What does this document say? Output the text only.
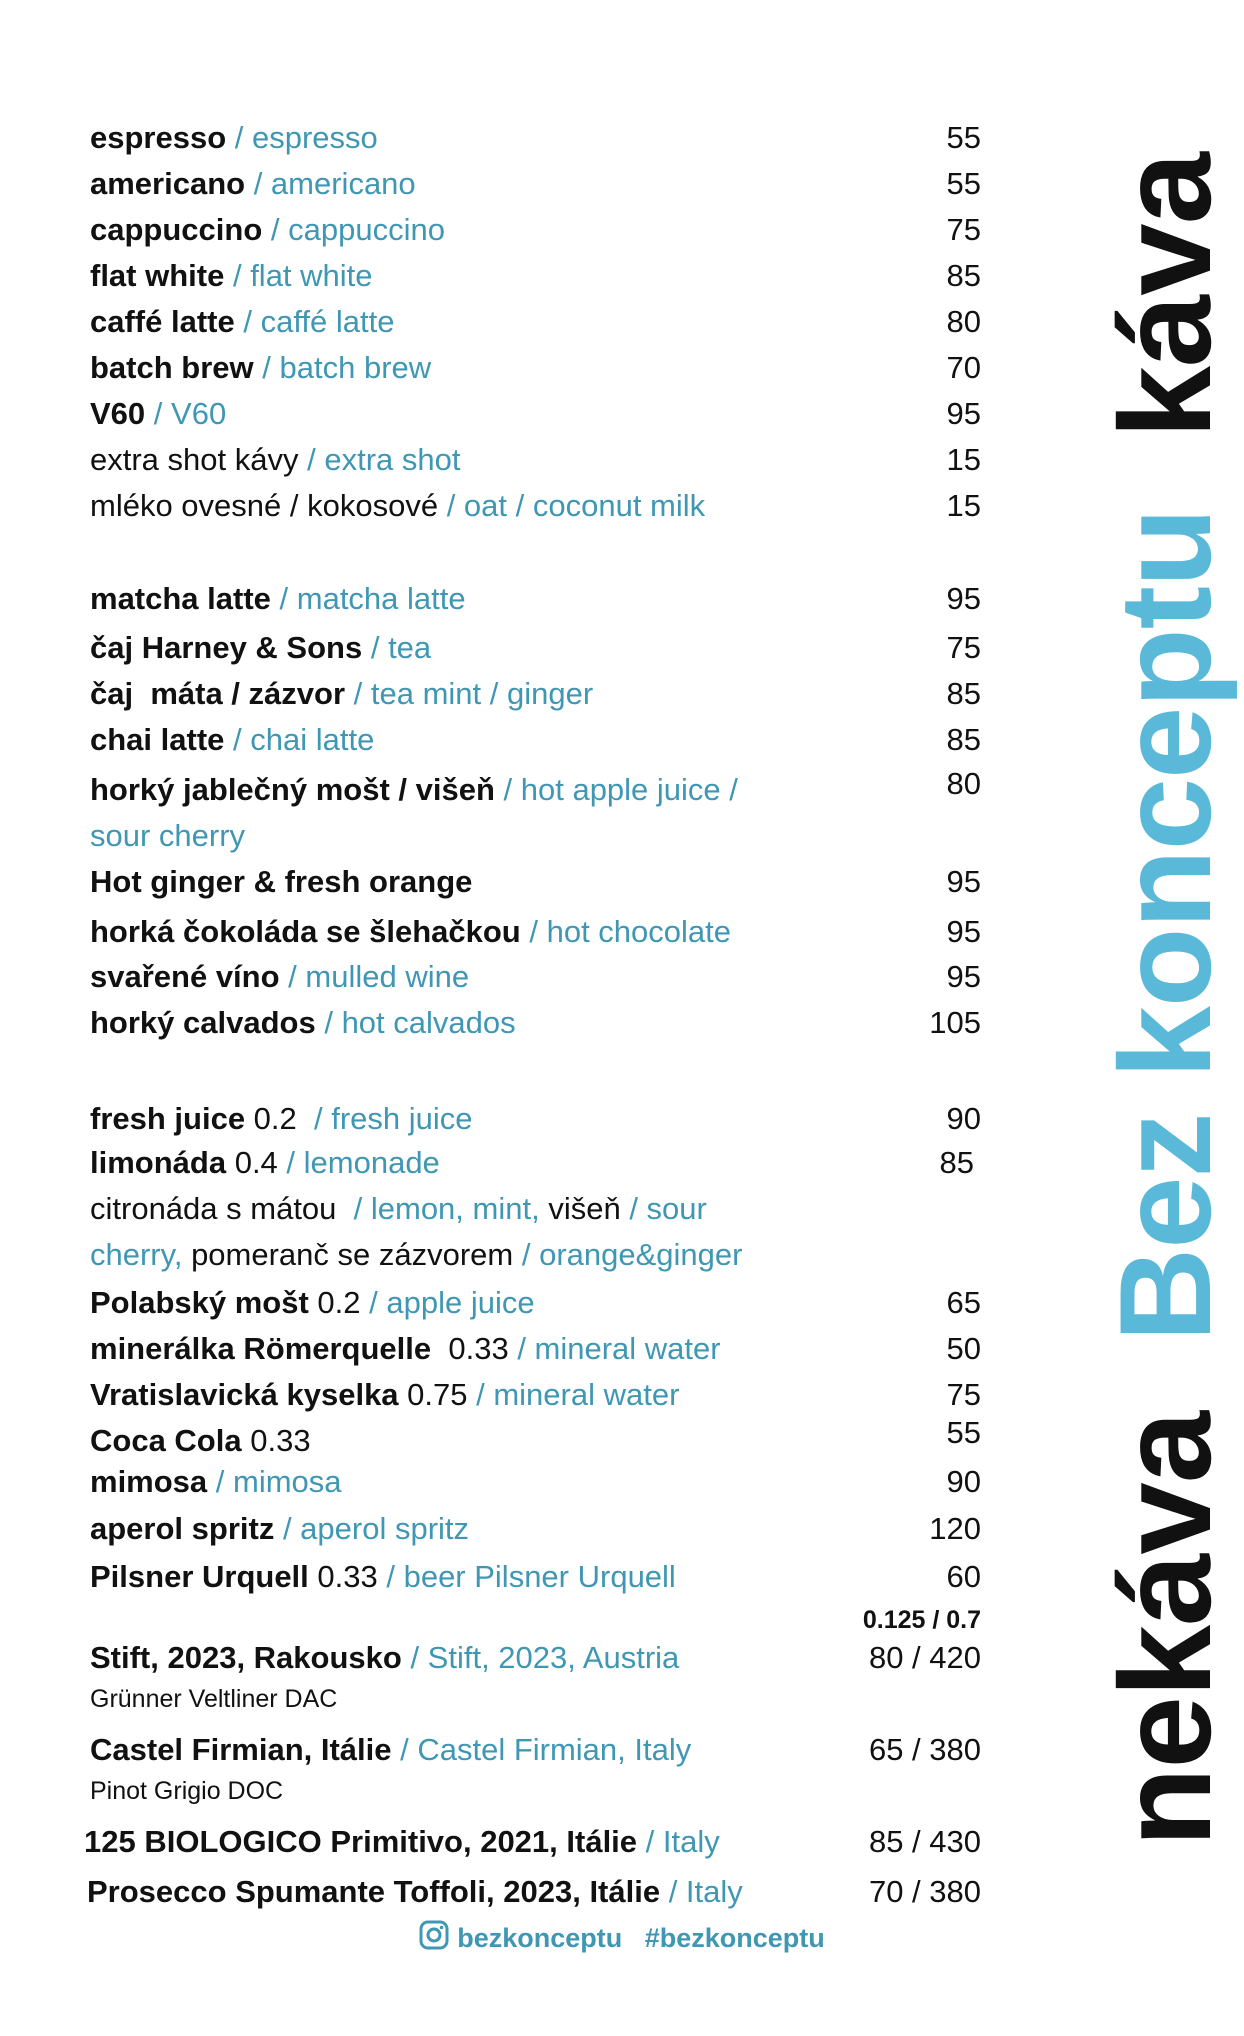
espresso / espresso	55
americano / americano	55
cappuccino / cappuccino	75
flat white / flat white	85
caffé latte / caffé latte	80
batch brew / batch brew	70
V60 / V60	95
extra shot kávy / extra shot	15
mléko ovesné / kokosové / oat / coconut milk	15
matcha latte / matcha latte	95
čaj Harney & Sons / tea	75
čaj  máta / zázvor / tea mint / ginger	85
chai latte / chai latte	85
horký jablečný mošt / višeň / hot apple juice /	80
sour cherry
Hot ginger & fresh orange	95
horká čokoláda se šlehačkou / hot chocolate	95
svařené víno / mulled wine	95
horký calvados / hot calvados	105
fresh juice 0.2  / fresh juice	90
limonáda 0.4 / lemonade	85
citronáda s mátou  / lemon, mint, višeň / sour
cherry, pomeranč se zázvorem / orange&ginger
Polabský mošt 0.2 / apple juice	65
minerálka Römerquelle  0.33 / mineral water	50
Vratislavická kyselka 0.75 / mineral water	75
Coca Cola 0.33	55
mimosa / mimosa	90
aperol spritz / aperol spritz	120
Pilsner Urquell 0.33 / beer Pilsner Urquell	60
0.125 / 0.7
Stift, 2023, Rakousko / Stift, 2023, Austria	80 / 420
Grünner Veltliner DAC
Castel Firmian, Itálie / Castel Firmian, Italy	65 / 380
Pinot Grigio DOC
125 BIOLOGICO Primitivo, 2021, Itálie / Italy	85 / 430
Prosecco Spumante Toffoli, 2023, Itálie / Italy	70 / 380
bezkonceptu #bezkonceptu
nekáva  Bez konceptu  káva
